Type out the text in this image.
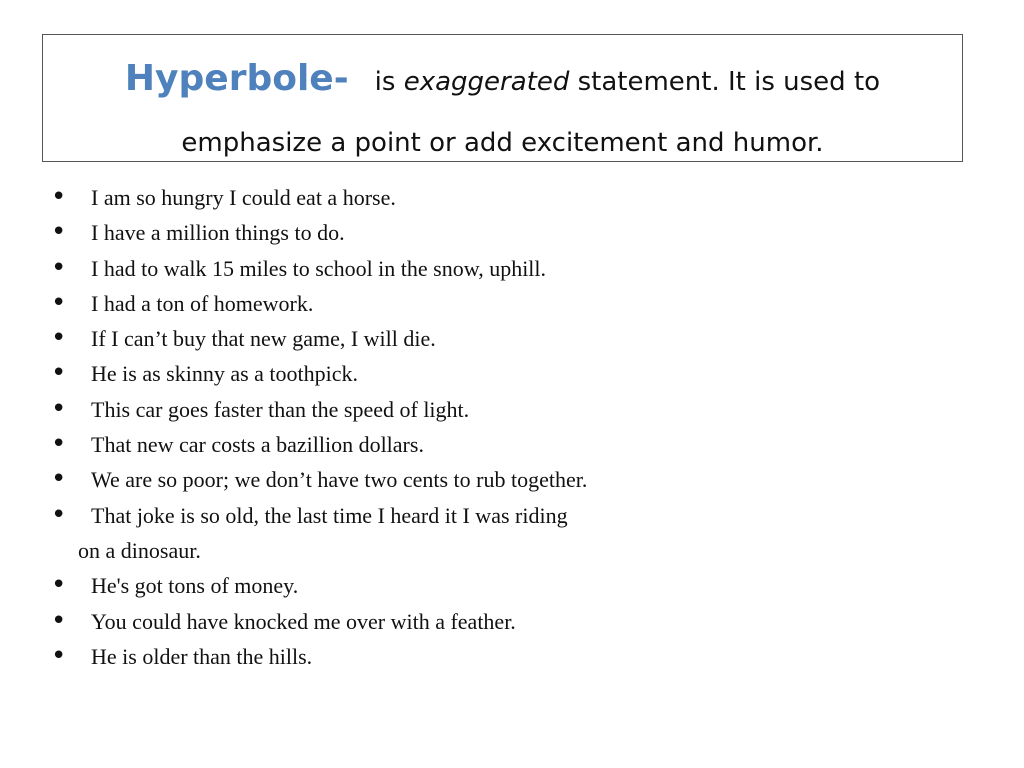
Hyperbole- is exaggerated statement. It is used to
emphasize a point or add excitement and humor.
• I am so hungry I could eat a horse.
• I have a million things to do.
• I had to walk 15 miles to school in the snow, uphill.
• I had a ton of homework.
• If I can’t buy that new game, I will die.
• He is as skinny as a toothpick.
• This car goes faster than the speed of light.
• That new car costs a bazillion dollars.
• We are so poor; we don’t have two cents to rub together.
• That joke is so old, the last time I heard it I was riding
on a dinosaur.
• He's got tons of money.
• You could have knocked me over with a feather.
• He is older than the hills.
